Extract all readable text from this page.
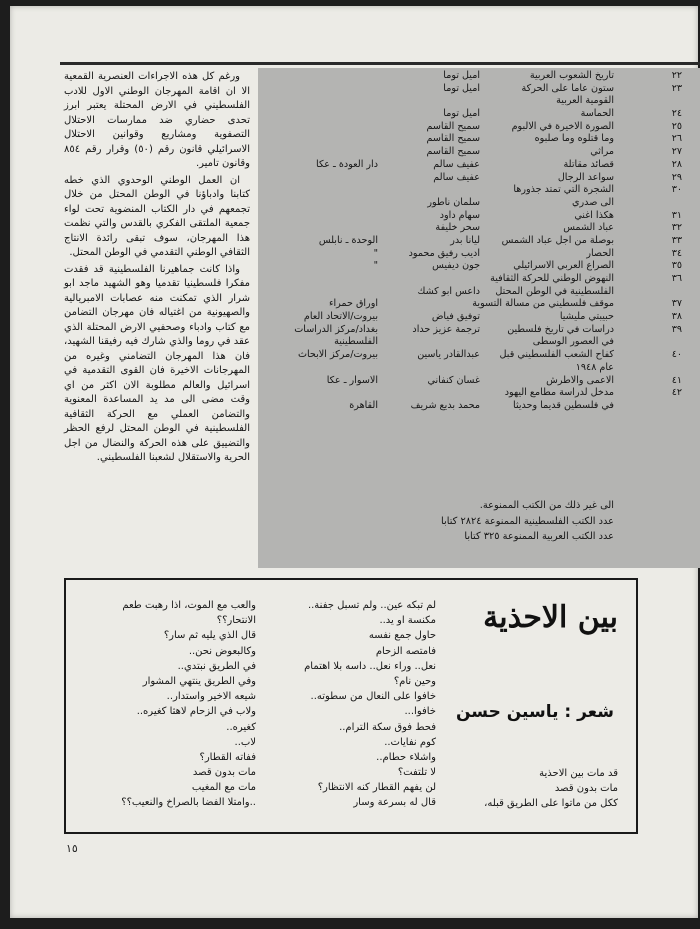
ورغم كل هذه الاجراءات العنصرية القمعية الا ان اقامة المهرجان الوطني الاول للادب الفلسطيني في الارض المحتلة يعتبر ابرز تحدى حضاري ضد ممارسات الاحتلال التصفوية ومشاريع وقوانين الاحتلال الاسرائيلي قانون رقم (٥٠) وقرار رقم ٨٥٤ وقانون تامير.

ان العمل الوطني الوحدوي الذي خطه كتابنا وادباؤنا في الوطن المحتل من خلال تجمعهم في دار الكتاب المنضوية تحت لواء جمعية الملتقى الفكري بالقدس والتي نظمت هذا المهرجان، سوف تبقى رائدة الانتاج الثقافي الوطني التقدمي في الوطن المحتل.

واذا كانت جماهيرنا الفلسطينية قد فقدت مفكرا فلسطينيا تقدميا وهو الشهيد ماجد ابو شرار الذي تمكنت منه عصابات الامبريالية والصهيونية من اغتياله فان مهرجان التضامن مع كتاب وادباء وصحفيي الارض المحتلة الذي عقد في روما والذي شارك فيه رفيقنا الشهيد، فان هذا المهرجان التضامني وغيره من المهرجانات الاخيرة فان القوى التقدمية في اسرائيل والعالم مطلوبة الان اكثر من اي وقت مضى الى مد يد المساعدة المعنوية والتضامن العملي مع الحركة الثقافية الفلسطينية في الوطن المحتل لرفع الحظر والتضييق على هذه الحركة والنضال من اجل الحرية والاستقلال لشعبنا الفلسطيني.

٢٢
تاريخ الشعوب العربية
اميل توما
٢٣
ستون عاما على الحركة
اميل توما
القومية العربية
٢٤
الحماسة
اميل توما
٢٥
الصورة الاخيرة في الالبوم
سميح القاسم
٢٦
وما قتلوه وما صلبوه
سميح القاسم
٢٧
مراثي
سميح القاسم
٢٨
قصائد مقاتلة
عفيف سالم
دار العودة ـ عكا
٢٩
سواعد الرجال
عفيف سالم
٣٠
الشجرة التي تمتد جذورها
الى صدري
سلمان ناطور
٣١
هكذا اغني
سهام داود
٣٢
عباد الشمس
سحر خليفة
٣٣
بوصلة من اجل عباد الشمس
ليانا بدر
الوحدة ـ نابلس
٣٤
الحصار
اديب رفيق محمود
"
٣٥
الصراع العربي الاسرائيلي
جون ديفيس
"
٣٦
النهوض الوطني للحركة الثقافية
الفلسطينية في الوطن المحتل
داعس ابو كشك
٣٧
موقف فلسطيني من مسالة التسوية
اوراق حمراء
٣٨
حبيبتي مليشيا
توفيق فياض
بيروت/الاتحاد العام
٣٩
دراسات في تاريخ فلسطين
ترجمة عزيز حداد
بغداد/مركز الدراسات
في العصور الوسطى
الفلسطينية
٤٠
كفاح الشعب الفلسطيني قبل
عبدالقادر ياسين
بيروت/مركز الابحاث
عام ١٩٤٨
٤١
الاعمى والاطرش
غسان كنفاني
الاسوار ـ عكا
٤٢
مدخل لدراسة مطامع اليهود
في فلسطين قديما وحديثا
محمد بديع شريف
القاهرة
الى غير ذلك من الكتب الممنوعة.
عدد الكتب الفلسطينية الممنوعة ٢٨٢٤ كتابا
عدد الكتب العربية الممنوعة ٣٢٥ كتابا
بين الاحذية
شعر : ياسين حسن
قد مات بين الاحذية
مات بدون قصد
ككل من ماتوا على الطريق قبله،
لم تبكه عين.. ولم تسبل جفنة..
مكنسة او يد..
حاول جمع نفسه
فامتصه الزحام
نعل.. وراء نعل.. داسه بلا اهتمام
وحين نام؟
خافوا على النعال من سطوته..
خافوا...
فحط فوق سكة الترام..
كوم نفايات..
واشلاء حطام..
لا تلتفت؟
لن يفهم القطار كنه الانتظار؟
قال له بسرعة وسار
والعب مع الموت، اذا رهبت طعم
الانتحار؟؟
قال الذي يليه ثم سار؟
وكالبعوض نحن..
في الطريق نبتدي..
وفي الطريق ينتهي المشوار
شيعه الاخير واستدار..
ولاب في الزحام لاهثا كغيره..
كغيره..
لاب..
ففاته القطار؟
مات بدون قصد
مات مع المغيب
..وامتلا الفضا بالصراخ والنعيب؟؟
١٥
